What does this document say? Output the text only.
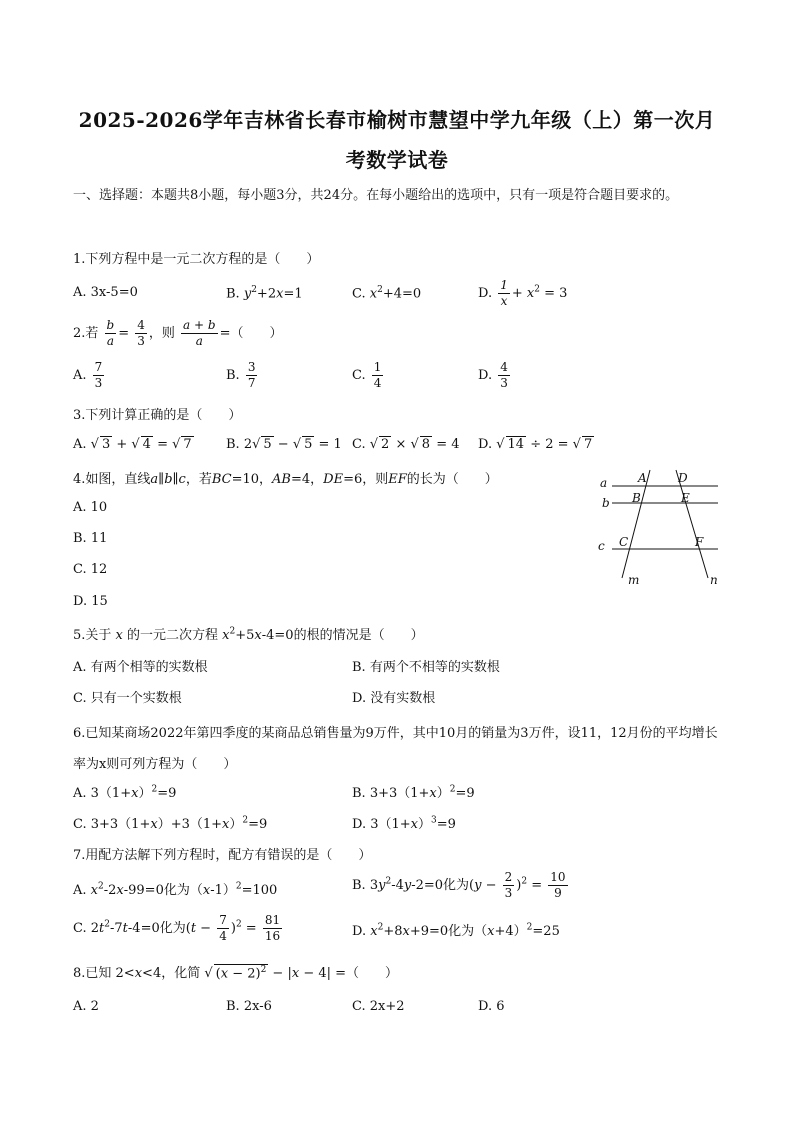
2025-2026学年吉林省长春市榆树市慧望中学九年级（上）第一次月
考数学试卷
一、选择题：本题共8小题，每小题3分，共24分。在每小题给出的选项中，只有一项是符合题目要求的。
1.下列方程中是一元二次方程的是（　　）
A. 3x-5=0	B. $y^2+2x=1$	C. $x^2+4=0$	D. $\frac{1}{x} + x^2 = 3$
2.若 $\frac{b}{a} = \frac{4}{3}$ ，则 $\frac{a + b}{a}$ =（　　）
A. $\frac{7}{3}$	B. $\frac{3}{7}$	C. $\frac{1}{4}$	D. $\frac{4}{3}$
3.下列计算正确的是（　　）
A. √ 3 + √ 4 = √ 7	B. 2√ 5 − √ 5 = 1 C. √ 2 × √ 8 = 4 D. √ 14 ÷ 2 = √ 7
4.如图，直线a∥b∥c，若BC=10，AB=4，DE=6，则EF的长为（　　）
A. 10
B. 11
C. 12
D. 15
a
b
c
A
B
C
D
E
F
m	n
5.关于 x 的一元二次方程 $x^2+5x-4=0$的根的情况是（　　）
A. 有两个相等的实数根	B. 有两个不相等的实数根
C. 只有一个实数根	D. 没有实数根
6.已知某商场2022年第四季度的某商品总销售量为9万件，其中10月的销量为3万件，设11，12月份的平均增长率为x则可列方程为（　　）
A. $3(1+x)^2=9$	B. $3+3(1+x)^2=9$
C. $3+3(1+x)+3(1+x)^2=9$	D. $3(1+x)^3=9$
7.用配方法解下列方程时，配方有错误的是（　　）
A. $x^2-2x-99=0$化为$(x-1)^2=100$	B. $3y^2-4y-2=0$化为$(y - \frac{2}{3} )^2 = \frac{10}{9}$
C. $2t^2-7t-4=0$化为$(t - \frac{7}{4} )^2 = \frac{81}{16}$	D. $x^2+8x+9=0$化为$(x+4)^2=25$
8.已知 2<x<4，化简 √ $(x - 2)^2 - |x - 4|$ =（　　）
A. 2	B. 2x-6	C. 2x+2	D. 6
